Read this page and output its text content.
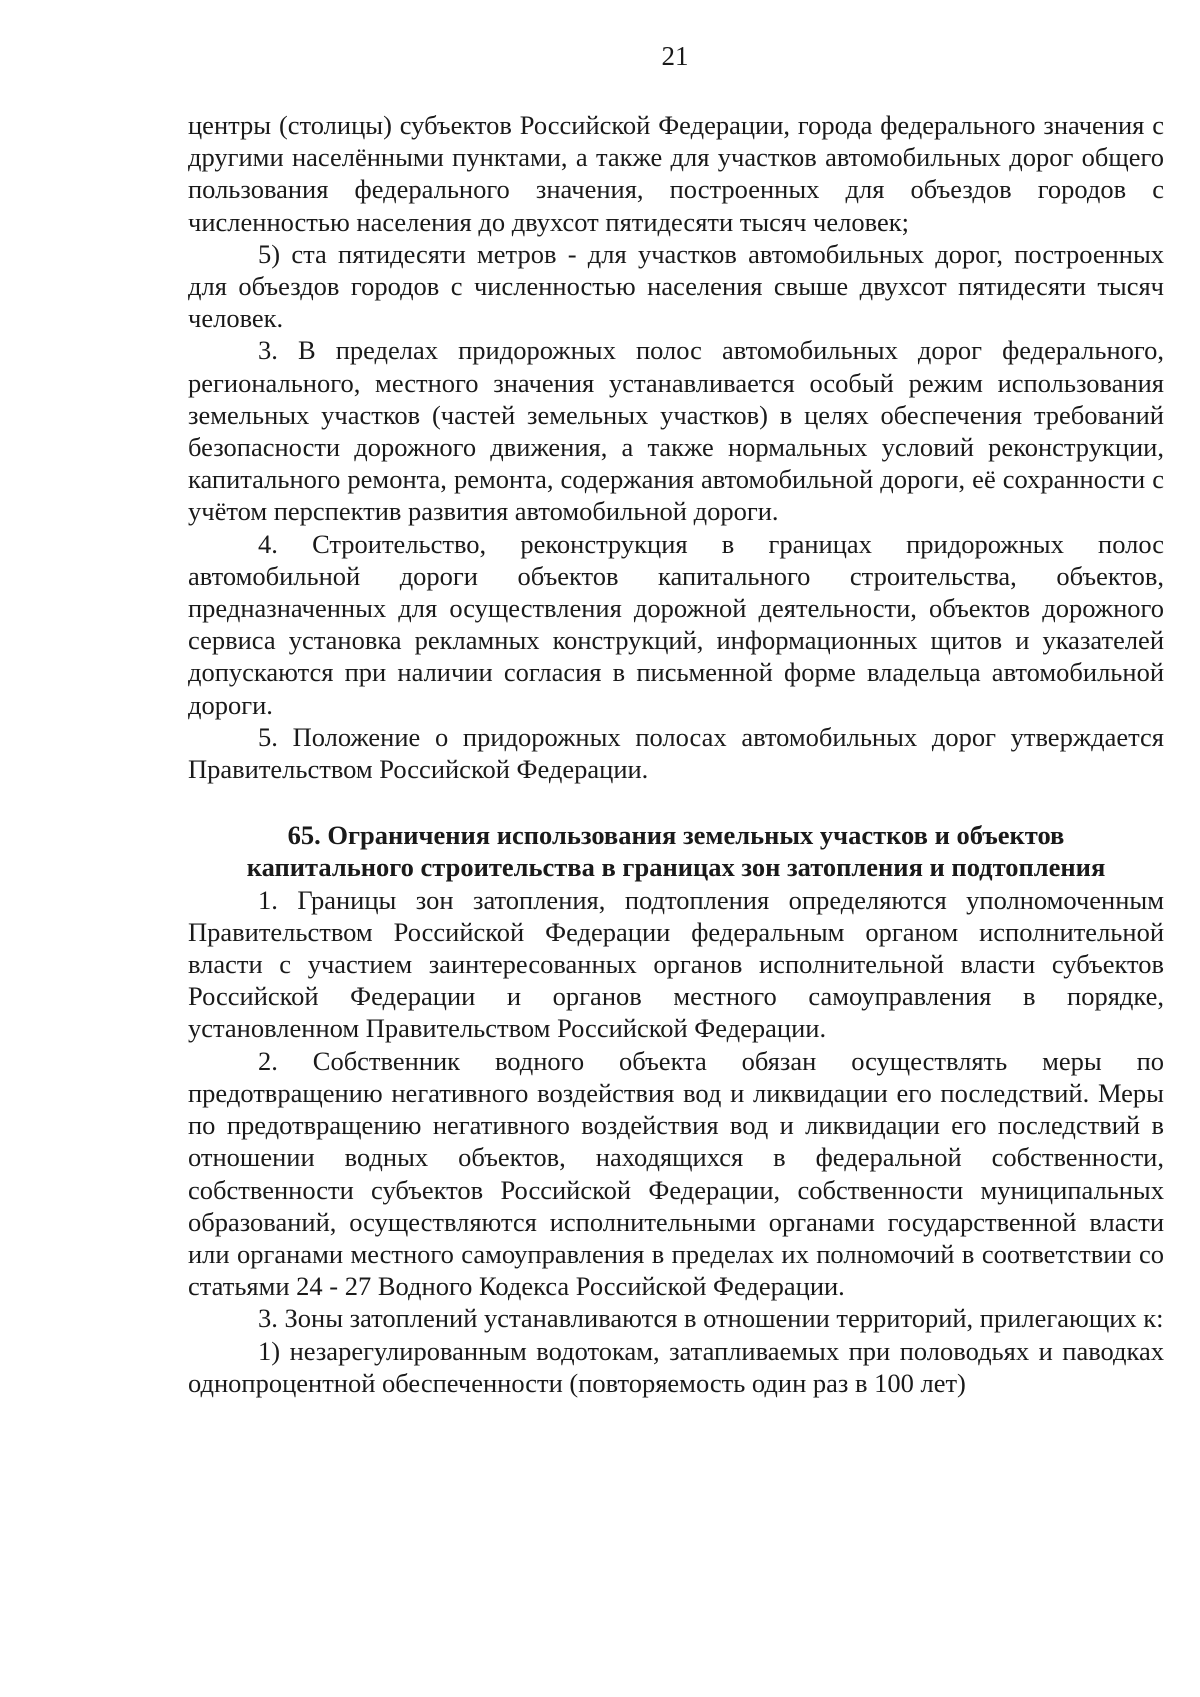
21

центры (столицы) субъектов Российской Федерации, города федерального значения с другими населёнными пунктами, а также для участков автомобильных дорог общего пользования федерального значения, построенных для объездов городов с численностью населения до двухсот пятидесяти тысяч человек;

5) ста пятидесяти метров - для участков автомобильных дорог, построенных для объездов городов с численностью населения свыше двухсот пятидесяти тысяч человек.

3. В пределах придорожных полос автомобильных дорог федерального, регионального, местного значения устанавливается особый режим использования земельных участков (частей земельных участков) в целях обеспечения требований безопасности дорожного движения, а также нормальных условий реконструкции, капитального ремонта, ремонта, содержания автомобильной дороги, её сохранности с учётом перспектив развития автомобильной дороги.

4. Строительство, реконструкция в границах придорожных полос автомобильной дороги объектов капитального строительства, объектов, предназначенных для осуществления дорожной деятельности, объектов дорожного сервиса установка рекламных конструкций, информационных щитов и указателей допускаются при наличии согласия в письменной форме владельца автомобильной дороги.

5. Положение о придорожных полосах автомобильных дорог утверждается Правительством Российской Федерации.

65. Ограничения использования земельных участков и объектов

капитального строительства в границах зон затопления и подтопления

1. Границы зон затопления, подтопления определяются уполномоченным Правительством Российской Федерации федеральным органом исполнительной власти с участием заинтересованных органов исполнительной власти субъектов Российской Федерации и органов местного самоуправления в порядке, установленном Правительством Российской Федерации.

2. Собственник водного объекта обязан осуществлять меры по предотвращению негативного воздействия вод и ликвидации его последствий. Меры по предотвращению негативного воздействия вод и ликвидации его последствий в отношении водных объектов, находящихся в федеральной собственности, собственности субъектов Российской Федерации, собственности муниципальных образований, осуществляются исполнительными органами государственной власти или органами местного самоуправления в пределах их полномочий в соответствии со статьями 24 - 27 Водного Кодекса Российской Федерации.

3. Зоны затоплений устанавливаются в отношении территорий, прилегающих к:

1) незарегулированным водотокам, затапливаемых при половодьях и паводках однопроцентной обеспеченности (повторяемость один раз в 100 лет)
